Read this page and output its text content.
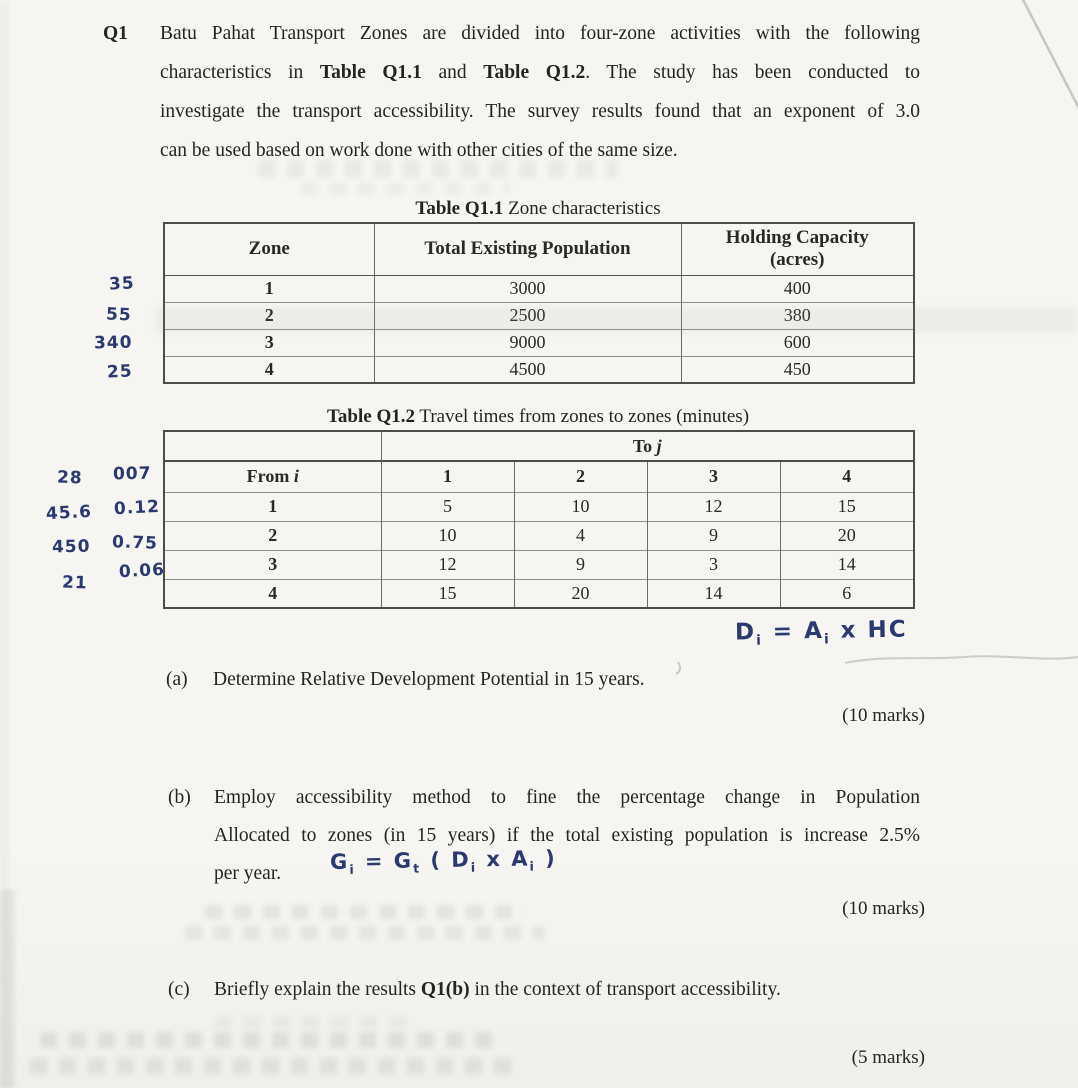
Q1 Batu Pahat Transport Zones are divided into four-zone activities with the following
characteristics in Table Q1.1 and Table Q1.2. The study has been conducted to
investigate the transport accessibility. The survey results found that an exponent of 3.0
can be used based on work done with other cities of the same size.
Table Q1.1 Zone characteristics
Zone	Total Existing Population	Holding Capacity
(acres)
1	3000	400
2	2500	380
3	9000	600
4	4500	450
35
55
340
25
Table Q1.2 Travel times from zones to zones (minutes)
	To j			
From i	1	2	3	4
1	5	10	12	15
2	10	4	9	20
3	12	9	3	14
4	15	20	14	6
28
45.6
450
21
007
0.12
0.75
0.06
$D_i = A_i$ x HC
(a) Determine Relative Development Potential in 15 years.
(10 marks)
(b) Employ accessibility method to fine the percentage change in Population
Allocated to zones (in 15 years) if the total existing population is increase 2.5%
per year. $G_i = G_t$ ( $D_i$ x $A_i$ )
(10 marks)
(c) Briefly explain the results Q1(b) in the context of transport accessibility.
(5 marks)
